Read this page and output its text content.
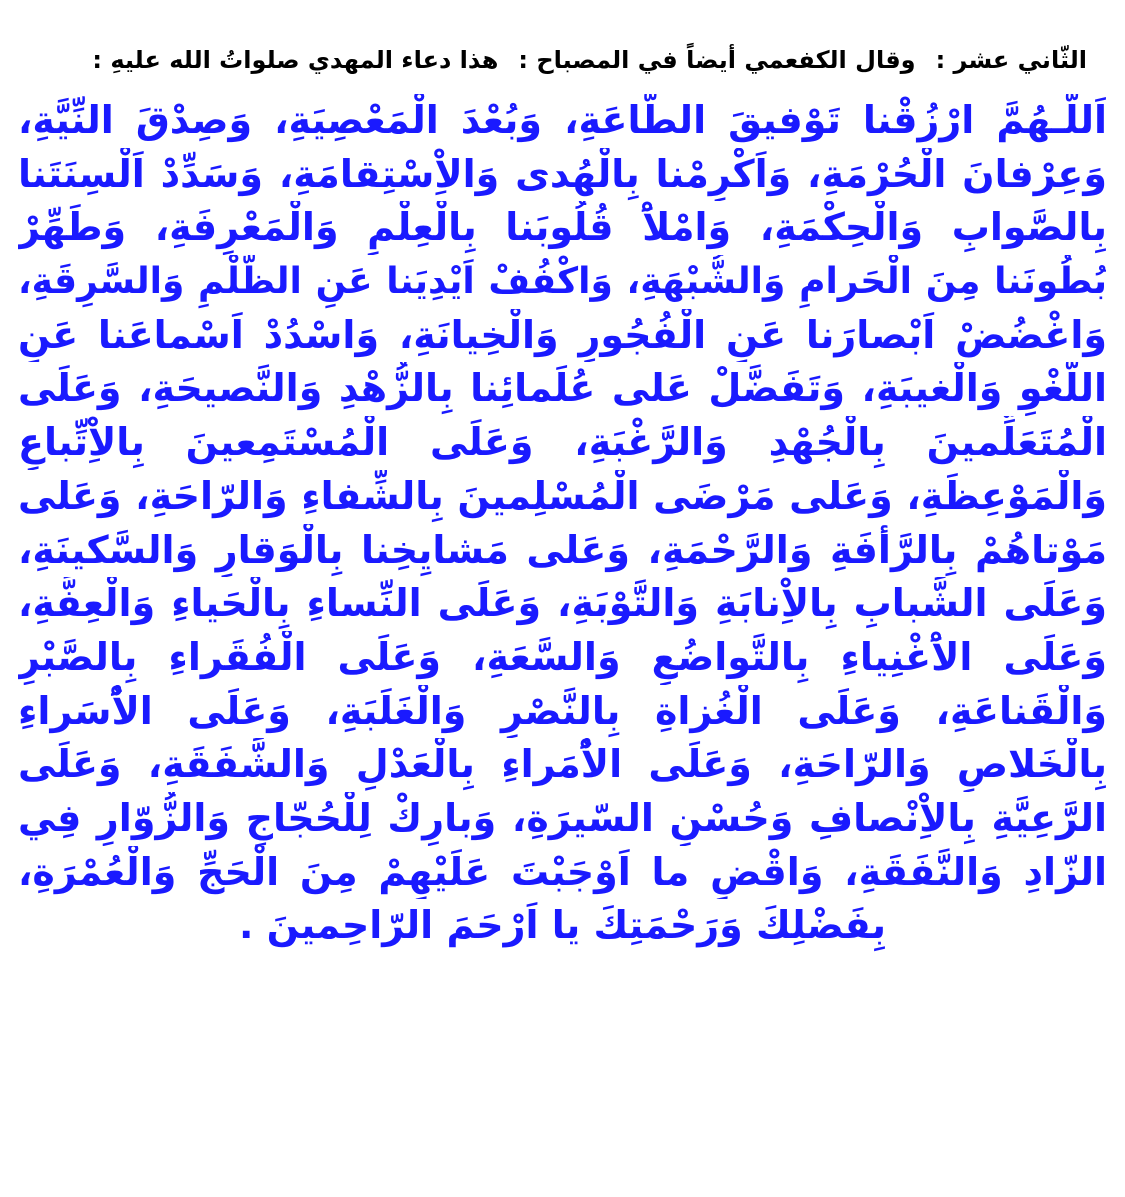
الثّاني عشر :وقال الكفعمي أيضاً في المصباح :هذا دعاء المهدي صلواتُ الله عليهِ :
اَللّـهُمَّ ارْزُقْنا تَوْفيقَ الطّاعَةِ، وَبُعْدَ الْمَعْصِيَةِ، وَصِدْقَ النِّيَّةِ،
وَعِرْفانَ الْحُرْمَةِ، وَاَكْرِمْنا بِالْهُدى وَالاِْسْتِقامَةِ، وَسَدِّدْ اَلْسِنَتَنا
بِالصَّوابِ وَالْحِكْمَةِ، وَامْلاَْ قُلُوبَنا بِالْعِلْمِ وَالْمَعْرِفَةِ، وَطَهِّرْ
بُطُونَنا مِنَ الْحَرامِ وَالشُّبْهَةِ، وَاكْفُفْ اَيْدِيَنا عَنِ الظُّلْمِ وَالسَّرِقَةِ،
وَاغْضُضْ اَبْصارَنا عَنِ الْفُجُورِ وَالْخِيانَةِ، وَاسْدُدْ اَسْماعَنا عَنِ
اللَّغْوِ وَالْغيبَةِ، وَتَفَضَّلْ عَلى عُلَمائِنا بِالزُّهْدِ وَالنَّصيحَةِ، وَعَلَى
الْمُتَعَلِّمينَ بِالْجُهْدِ وَالرَّغْبَةِ، وَعَلَى الْمُسْتَمِعينَ بِالاِْتِّباعِ
وَالْمَوْعِظَةِ، وَعَلى مَرْضَى الْمُسْلِمينَ بِالشِّفاءِ وَالرّاحَةِ، وَعَلى
مَوْتاهُمْ بِالرَّأْفَةِ وَالرَّحْمَةِ، وَعَلى مَشايِخِنا بِالْوَقارِ وَالسَّكينَةِ،
وَعَلَى الشَّبابِ بِالاِْنابَةِ وَالتَّوْبَةِ، وَعَلَى النِّساءِ بِالْحَياءِ وَالْعِفَّةِ،
وَعَلَى الاَْغْنِياءِ بِالتَّواضُعِ وَالسَّعَةِ، وَعَلَى الْفُقَراءِ بِالصَّبْرِ
وَالْقَناعَةِ، وَعَلَى الْغُزاةِ بِالنَّصْرِ وَالْغَلَبَةِ، وَعَلَى الاُْسَراءِ
بِالْخَلاصِ وَالرّاحَةِ، وَعَلَى الاُْمَراءِ بِالْعَدْلِ وَالشَّفَقَةِ، وَعَلَى
الرَّعِيَّةِ بِالاِْنْصافِ وَحُسْنِ السّيرَةِ، وَبارِكْ لِلْحُجّاجِ وَالزُّوّارِ فِي
الزّادِ وَالنَّفَقَةِ، وَاقْضِ ما اَوْجَبْتَ عَلَيْهِمْ مِنَ الْحَجِّ وَالْعُمْرَةِ،
بِفَضْلِكَ وَرَحْمَتِكَ يا اَرْحَمَ الرّاحِمينَ .
